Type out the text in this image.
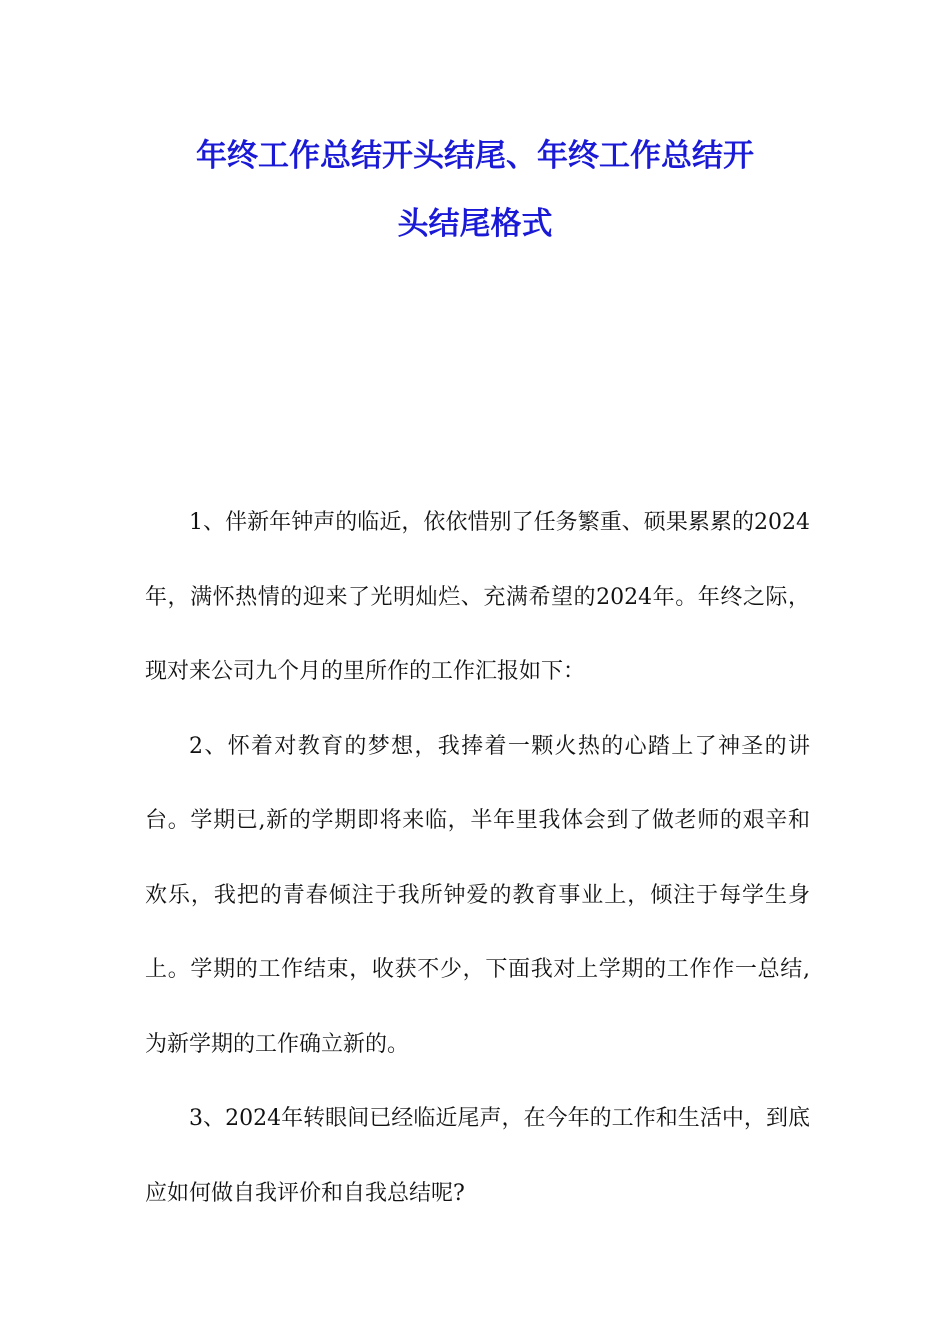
年终工作总结开头结尾、年终工作总结开
头结尾格式

1、伴新年钟声的临近，依依惜别了任务繁重、硕果累累的2024年，满怀热情的迎来了光明灿烂、充满希望的2024年。年终之际，现对来公司九个月的里所作的工作汇报如下：

2、怀着对教育的梦想，我捧着一颗火热的心踏上了神圣的讲台。学期已,新的学期即将来临，半年里我体会到了做老师的艰辛和欢乐，我把的青春倾注于我所钟爱的教育事业上，倾注于每学生身上。学期的工作结束，收获不少，下面我对上学期的工作作一总结,为新学期的工作确立新的。

3、2024年转眼间已经临近尾声，在今年的工作和生活中，到底应如何做自我评价和自我总结呢?
